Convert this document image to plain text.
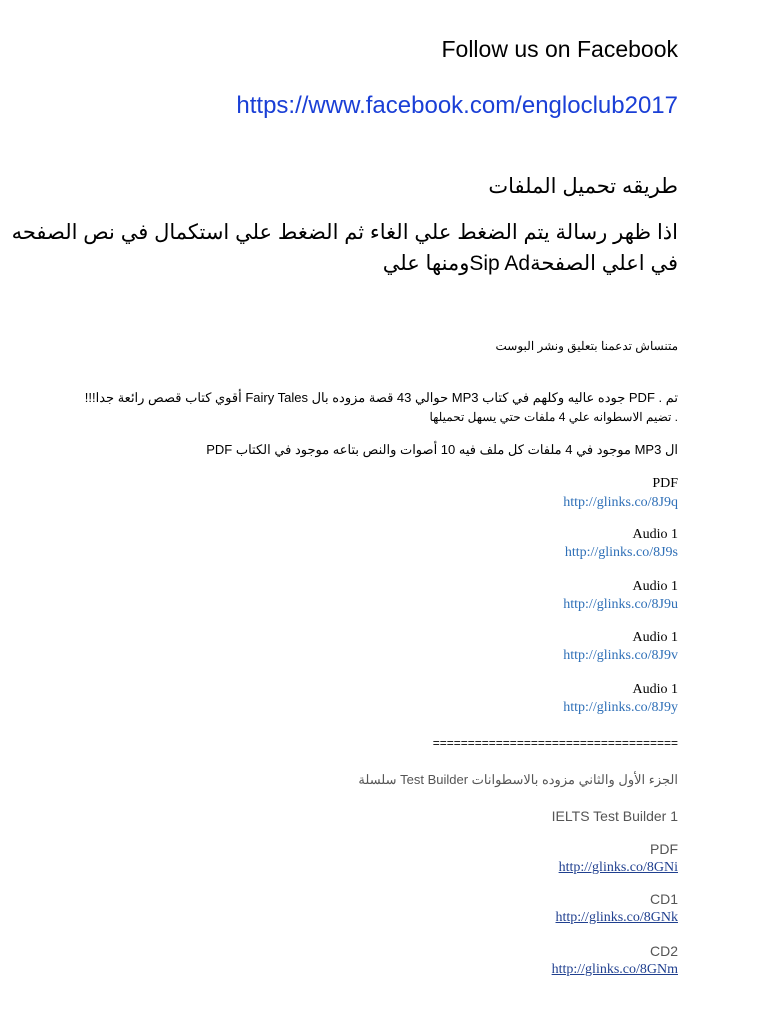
Follow us on Facebook
https://www.facebook.com/engloclub2017
طريقه تحميل الملفات
اذا ظهر رسالة يتم الضغط علي الغاء ثم الضغط علي استكمال في نص الصفحه
في اعلي الصفحةSip Adومنها علي
متنساش تدعمنا بتعليق ونشر البوست
تم . PDF جوده عاليه وكلهم في كتاب MP3 حوالي 43 قصة مزوده بال Fairy Tales أقوي كتاب قصص رائعة جدا!!!
. تضيم الاسطوانه علي 4 ملفات حتي يسهل تحميلها
PDF موجود في 4 ملفات كل ملف فيه 10 أصوات والنص بتاعه موجود في الكتاب MP3 ال
PDF
http://glinks.co/8J9q
Audio 1
http://glinks.co/8J9s
Audio 1
http://glinks.co/8J9u
Audio 1
http://glinks.co/8J9v
Audio 1
http://glinks.co/8J9y
===================================
الجزء الأول والثاني مزوده بالاسطوانات Test Builder سلسلة
IELTS Test Builder 1
PDF
http://glinks.co/8GNi
CD1
http://glinks.co/8GNk
CD2
http://glinks.co/8GNm
